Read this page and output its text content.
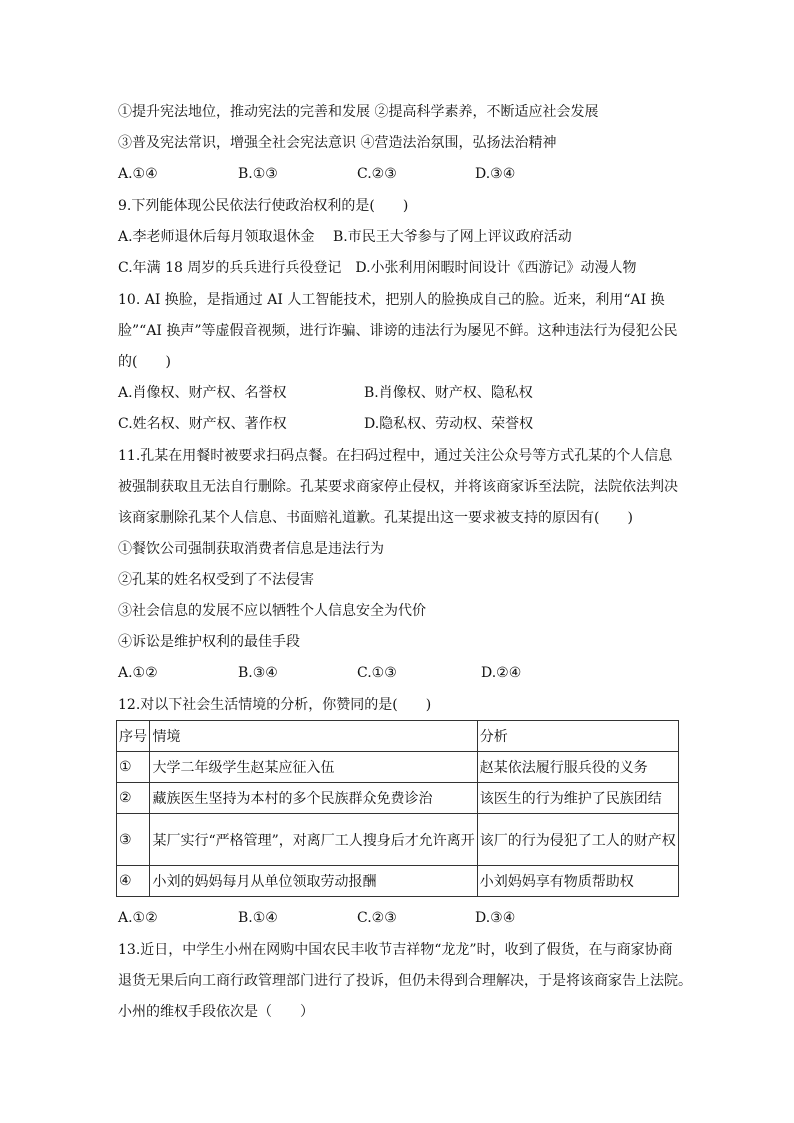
①提升宪法地位，推动宪法的完善和发展 ②提高科学素养，不断适应社会发展
③普及宪法常识，增强全社会宪法意识 ④营造法治氛围，弘扬法治精神
A.①④	B.①③	C.②③	D.③④
9.下列能体现公民依法行使政治权利的是(　　)
A.李老师退休后每月领取退休金　 B.市民王大爷参与了网上评议政府活动
C.年满 18 周岁的兵兵进行兵役登记　D.小张利用闲暇时间设计《西游记》动漫人物
10. AI 换脸，是指通过 AI 人工智能技术，把别人的脸换成自己的脸。近来，利用“AI 换
脸”“AI 换声”等虚假音视频，进行诈骗、诽谤的违法行为屡见不鲜。这种违法行为侵犯公民
的(　　)
A.肖像权、财产权、名誉权	B.肖像权、财产权、隐私权
C.姓名权、财产权、著作权	D.隐私权、劳动权、荣誉权
11.孔某在用餐时被要求扫码点餐。在扫码过程中，通过关注公众号等方式孔某的个人信息
被强制获取且无法自行删除。孔某要求商家停止侵权，并将该商家诉至法院，法院依法判决
该商家删除孔某个人信息、书面赔礼道歉。孔某提出这一要求被支持的原因有(　　)
①餐饮公司强制获取消费者信息是违法行为
②孔某的姓名权受到了不法侵害
③社会信息的发展不应以牺牲个人信息安全为代价
④诉讼是维护权利的最佳手段
A.①②	B.③④	C.①③	D.②④
12.对以下社会生活情境的分析，你赞同的是(　　)
序号	情境	分析
①	大学二年级学生赵某应征入伍	赵某依法履行服兵役的义务
②	藏族医生坚持为本村的多个民族群众免费诊治	该医生的行为维护了民族团结
③	某厂实行“严格管理”，对离厂工人搜身后才允许离开	该厂的行为侵犯了工人的财产权
④	小刘的妈妈每月从单位领取劳动报酬	小刘妈妈享有物质帮助权
A.①②	B.①④	C.②③	D.③④
13.近日，中学生小州在网购中国农民丰收节吉祥物“龙龙”时，收到了假货，在与商家协商
退货无果后向工商行政管理部门进行了投诉，但仍未得到合理解决，于是将该商家告上法院。
小州的维权手段依次是（　　）
